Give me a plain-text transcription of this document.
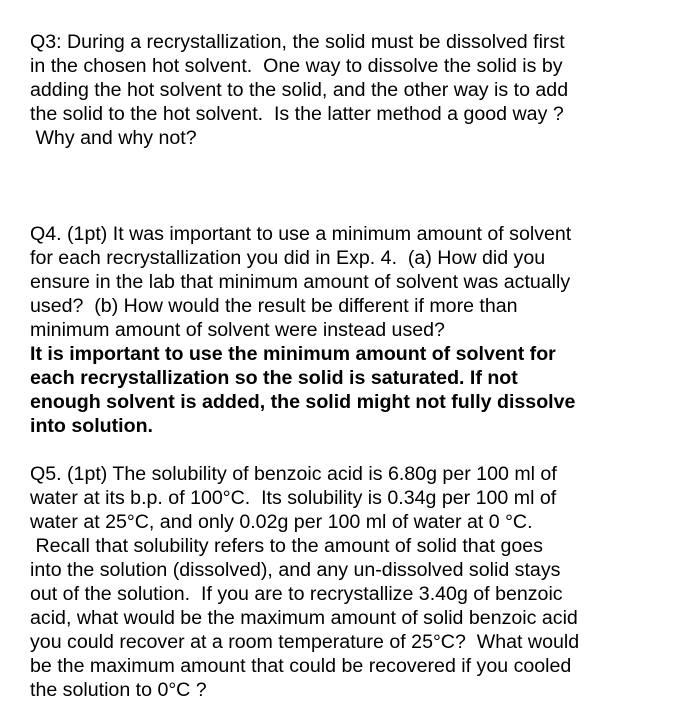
Q3: During a recrystallization, the solid must be dissolved first
in the chosen hot solvent.  One way to dissolve the solid is by
adding the hot solvent to the solid, and the other way is to add
the solid to the hot solvent.  Is the latter method a good way ?
Why and why not?
Q4. (1pt) It was important to use a minimum amount of solvent
for each recrystallization you did in Exp. 4.  (a) How did you
ensure in the lab that minimum amount of solvent was actually
used?  (b) How would the result be different if more than
minimum amount of solvent were instead used?
It is important to use the minimum amount of solvent for
each recrystallization so the solid is saturated. If not
enough solvent is added, the solid might not fully dissolve
into solution.
Q5. (1pt) The solubility of benzoic acid is 6.80g per 100 ml of
water at its b.p. of 100°C.  Its solubility is 0.34g per 100 ml of
water at 25°C, and only 0.02g per 100 ml of water at 0 °C.
Recall that solubility refers to the amount of solid that goes
into the solution (dissolved), and any un-dissolved solid stays
out of the solution.  If you are to recrystallize 3.40g of benzoic
acid, what would be the maximum amount of solid benzoic acid
you could recover at a room temperature of 25°C?  What would
be the maximum amount that could be recovered if you cooled
the solution to 0°C ?
